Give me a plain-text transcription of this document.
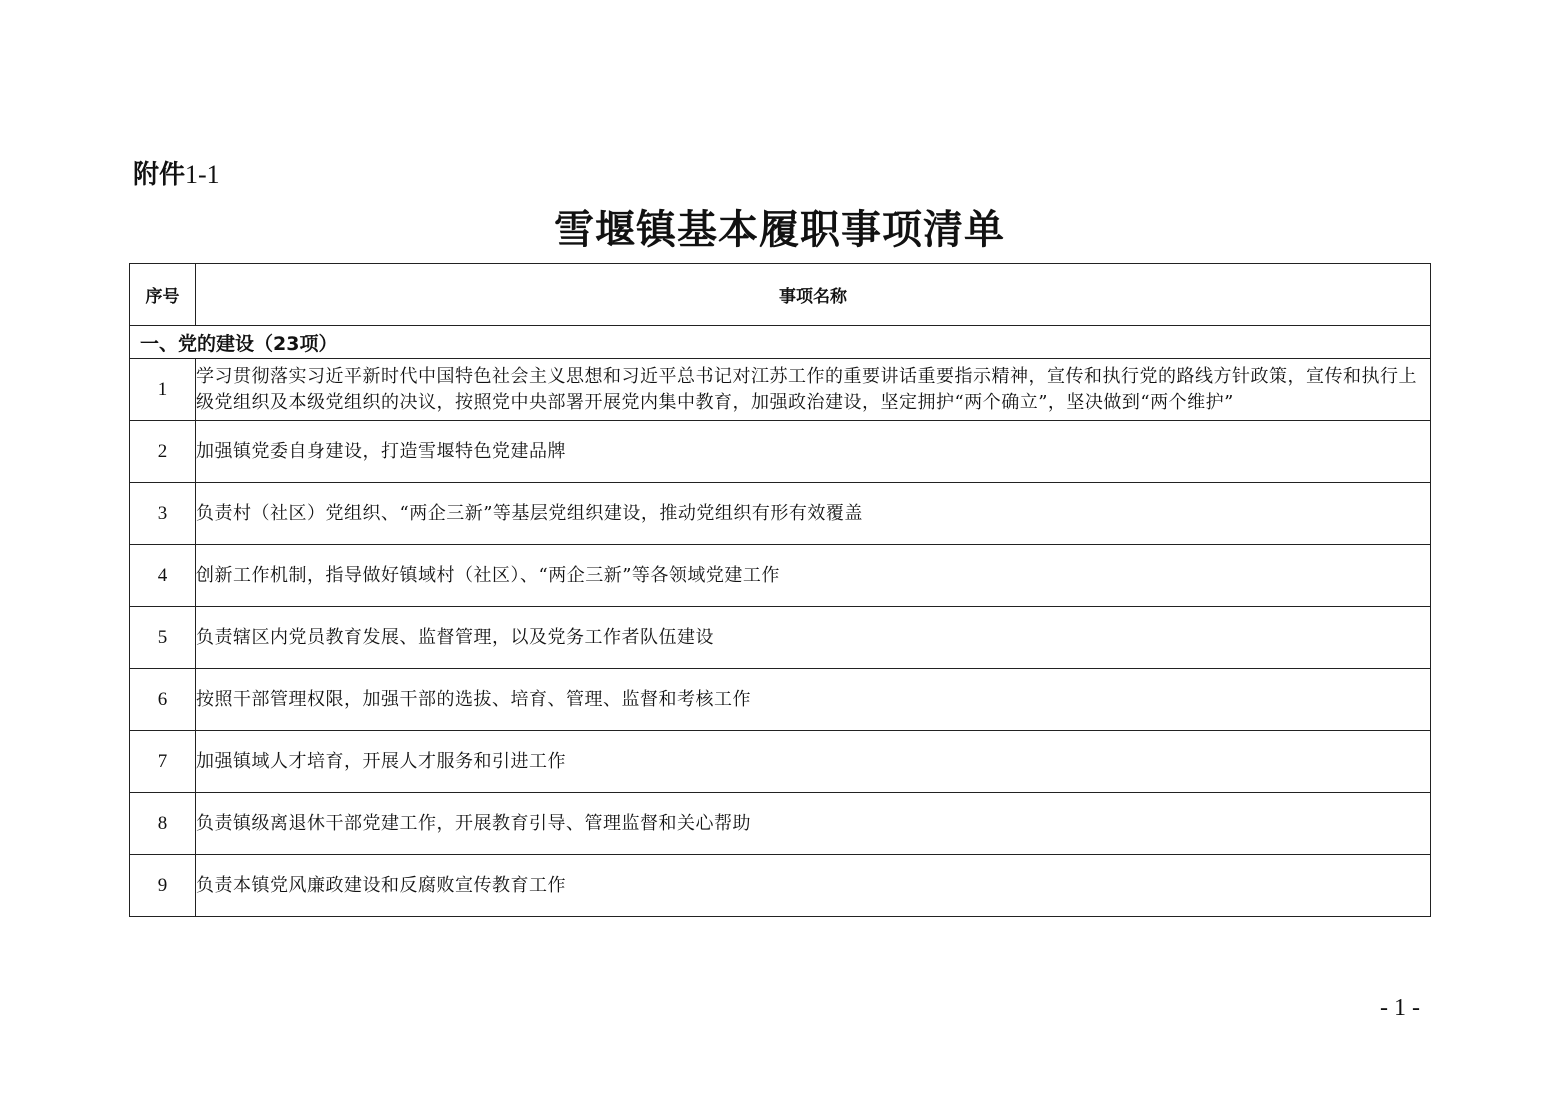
附件1-1
雪堰镇基本履职事项清单
序号	事项名称
一、党的建设（23项）	
1	学习贯彻落实习近平新时代中国特色社会主义思想和习近平总书记对江苏工作的重要讲话重要指示精神，宣传和执行党的路线方针政策，宣传和执行上级党组织及本级党组织的决议，按照党中央部署开展党内集中教育，加强政治建设，坚定拥护“两个确立”，坚决做到“两个维护”
2	加强镇党委自身建设，打造雪堰特色党建品牌
3	负责村（社区）党组织、“两企三新”等基层党组织建设，推动党组织有形有效覆盖
4	创新工作机制，指导做好镇域村（社区）、“两企三新”等各领域党建工作
5	负责辖区内党员教育发展、监督管理，以及党务工作者队伍建设
6	按照干部管理权限，加强干部的选拔、培育、管理、监督和考核工作
7	加强镇域人才培育，开展人才服务和引进工作
8	负责镇级离退休干部党建工作，开展教育引导、管理监督和关心帮助
9	负责本镇党风廉政建设和反腐败宣传教育工作
- 1 -
